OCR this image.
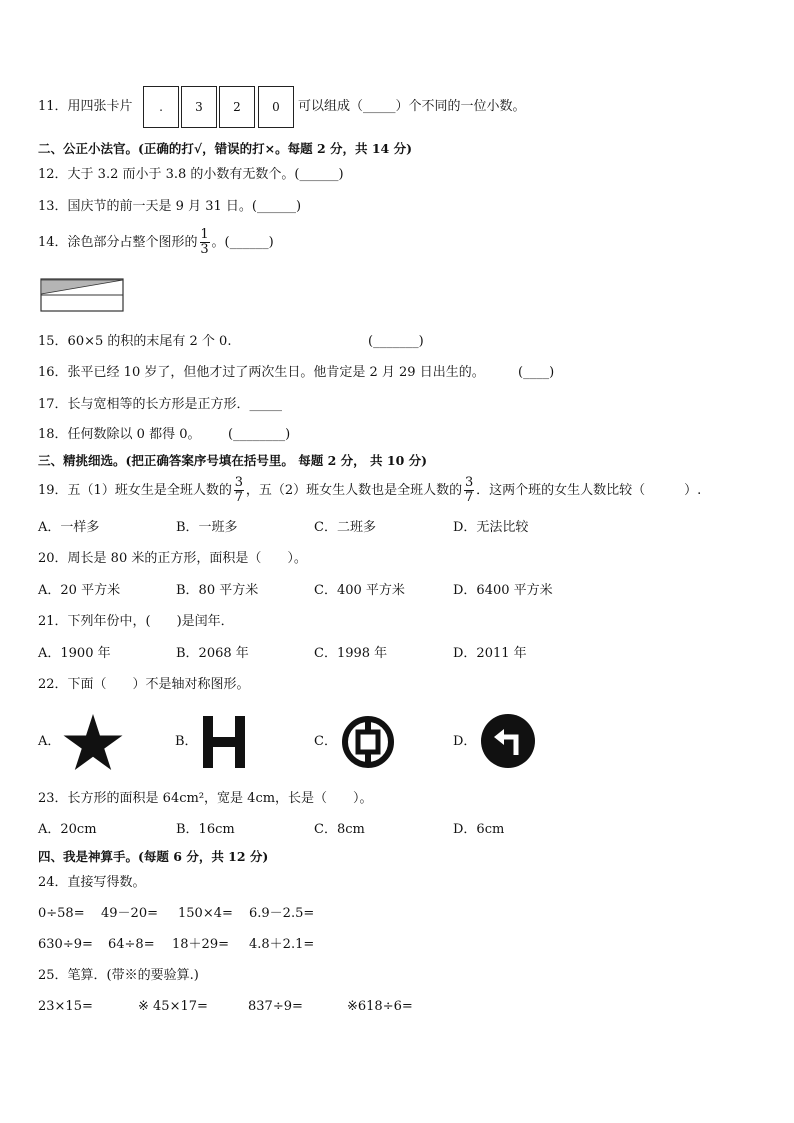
11．用四张卡片 .	3	2	0 可以组成（_____）个不同的一位小数。
二、公正小法官。(正确的打√，错误的打×。每题 2 分，共 14 分)
12．大于 3.2 而小于 3.8 的小数有无数个。(______)
13．国庆节的前一天是 9 月 31 日。(______)
14．涂色部分占整个图形的 $\frac{1}{3}$ 。(______)
15．60×5 的积的末尾有 2 个 0.	(_______)
16．张平已经 10 岁了，但他才过了两次生日。他肯定是 2 月 29 日出生的。	(____)
17．长与宽相等的长方形是正方形．_____
18．任何数除以 0 都得 0。 (________)
三、精挑细选。(把正确答案序号填在括号里。 每题 2 分， 共 10 分)
19．五（1）班女生是全班人数的 $\frac{3}{7}$ ，五（2）班女生人数也是全班人数的 $\frac{3}{7}$ ．这两个班的女生人数比较（　　　）.
A．一样多	B．一班多	C．二班多	D．无法比较
20．周长是 80 米的正方形，面积是（　　）。
A．20 平方米	B．80 平方米	C．400 平方米	D．6400 平方米
21．下列年份中，(　　)是闰年．
A．1900 年	B．2068 年	C．1998 年	D．2011 年
22．下面（　　）不是轴对称图形。
A．	B．	C．	D．
23．长方形的面积是 64cm²，宽是 4cm，长是（　　）。
A．20cm	B．16cm	C．8cm	D．6cm
四、我是神算手。(每题 6 分，共 12 分)
24．直接写得数。
0÷58= 49－20= 150×4= 6.9－2.5=
630÷9= 64÷8= 18＋29= 4.8＋2.1=
25．笔算．(带※的要验算.)
23×15=	※ 45×17=	837÷9=	※618÷6=
